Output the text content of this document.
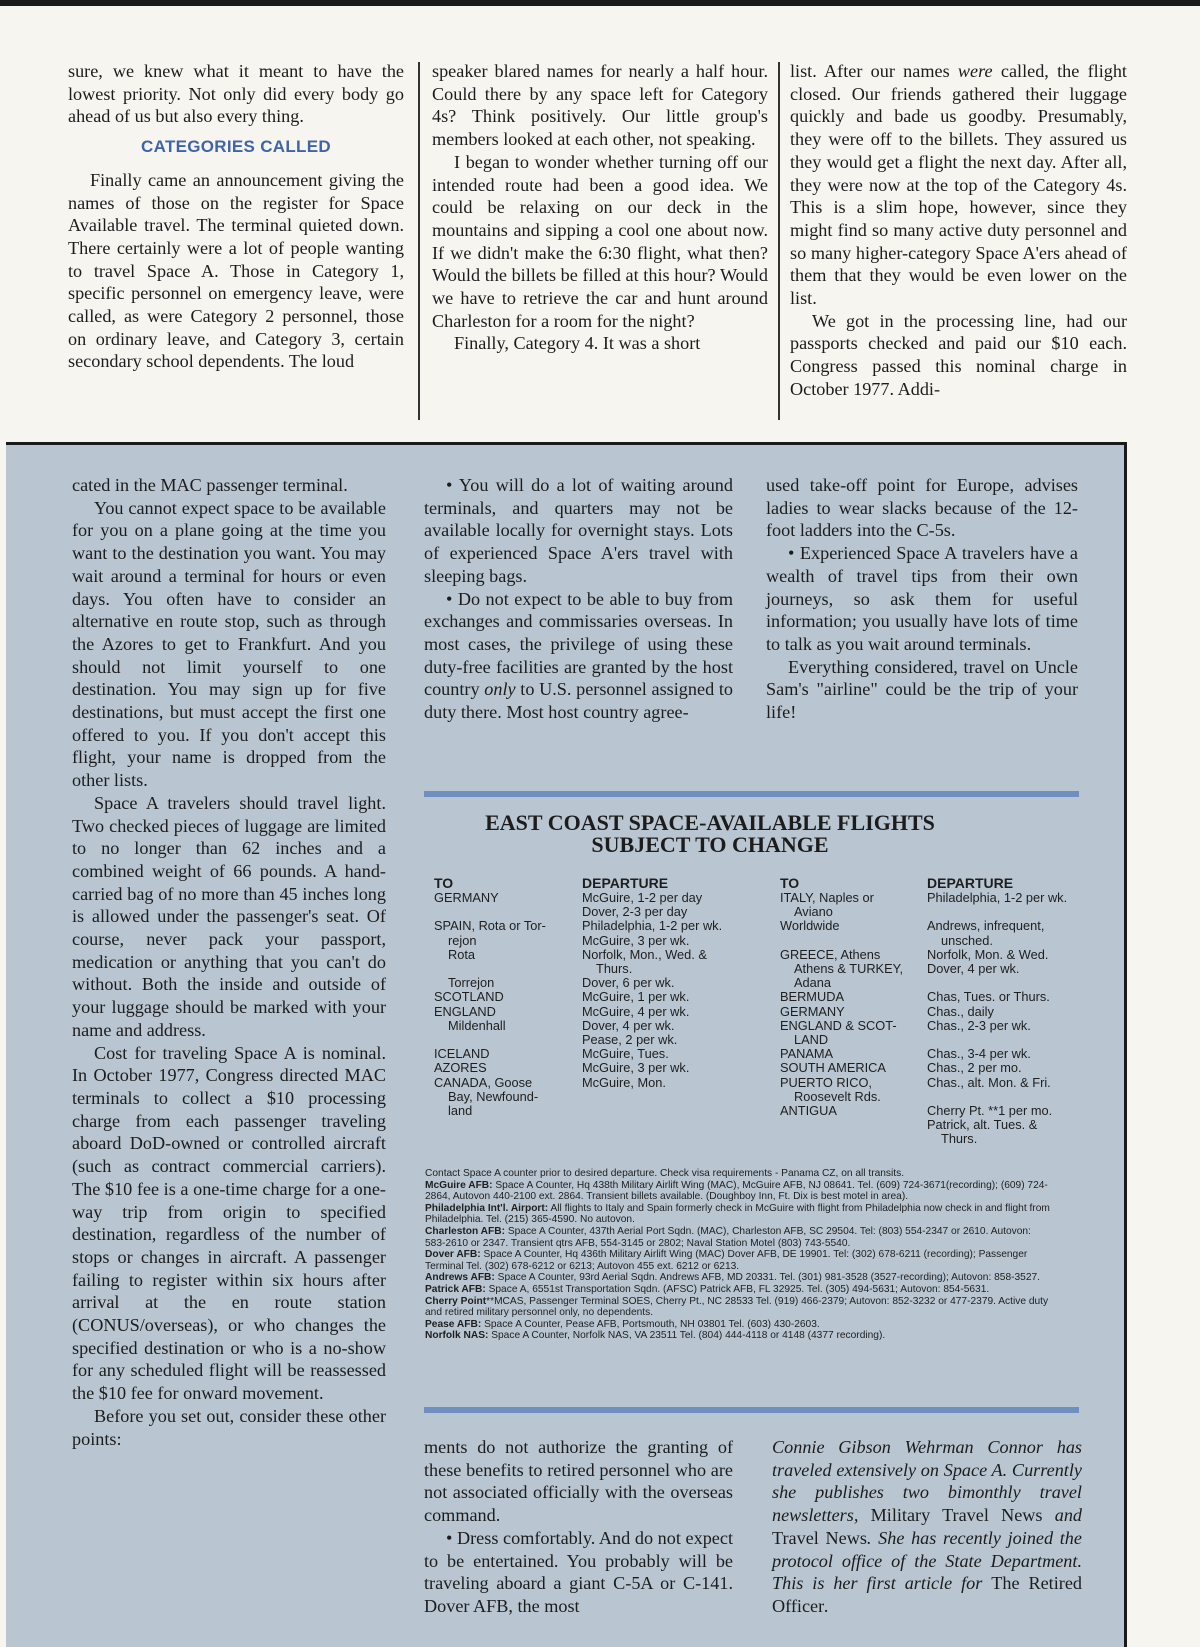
sure, we knew what it meant to have the lowest priority. Not only did every body go ahead of us but also every thing.

CATEGORIES CALLED

Finally came an announcement giving the names of those on the register for Space Available travel. The terminal quieted down. There certainly were a lot of people wanting to travel Space A. Those in Category 1, specific personnel on emergency leave, were called, as were Category 2 personnel, those on ordinary leave, and Category 3, certain secondary school dependents. The loud

speaker blared names for nearly a half hour. Could there by any space left for Category 4s? Think positively. Our little group's members looked at each other, not speaking.

I began to wonder whether turning off our intended route had been a good idea. We could be relaxing on our deck in the mountains and sipping a cool one about now. If we didn't make the 6:30 flight, what then? Would the billets be filled at this hour? Would we have to retrieve the car and hunt around Charleston for a room for the night?

Finally, Category 4. It was a short

list. After our names were called, the flight closed. Our friends gathered their luggage quickly and bade us goodby. Presumably, they were off to the billets. They assured us they would get a flight the next day. After all, they were now at the top of the Category 4s. This is a slim hope, however, since they might find so many active duty personnel and so many higher-category Space A'ers ahead of them that they would be even lower on the list.

We got in the processing line, had our passports checked and paid our $10 each. Congress passed this nominal charge in October 1977. Addi-

cated in the MAC passenger terminal.

You cannot expect space to be available for you on a plane going at the time you want to the destination you want. You may wait around a terminal for hours or even days. You often have to consider an alternative en route stop, such as through the Azores to get to Frankfurt. And you should not limit yourself to one destination. You may sign up for five destinations, but must accept the first one offered to you. If you don't accept this flight, your name is dropped from the other lists.

Space A travelers should travel light. Two checked pieces of luggage are limited to no longer than 62 inches and a combined weight of 66 pounds. A hand-carried bag of no more than 45 inches long is allowed under the passenger's seat. Of course, never pack your passport, medication or anything that you can't do without. Both the inside and outside of your luggage should be marked with your name and address.

Cost for traveling Space A is nominal. In October 1977, Congress directed MAC terminals to collect a $10 processing charge from each passenger traveling aboard DoD-owned or controlled aircraft (such as contract commercial carriers). The $10 fee is a one-time charge for a one-way trip from origin to specified destination, regardless of the number of stops or changes in aircraft. A passenger failing to register within six hours after arrival at the en route station (CONUS/overseas), or who changes the specified destination or who is a no-show for any scheduled flight will be reassessed the $10 fee for onward movement.

Before you set out, consider these other points:

• You will do a lot of waiting around terminals, and quarters may not be available locally for overnight stays. Lots of experienced Space A'ers travel with sleeping bags.

• Do not expect to be able to buy from exchanges and commissaries overseas. In most cases, the privilege of using these duty-free facilities are granted by the host country only to U.S. personnel assigned to duty there. Most host country agree-

used take-off point for Europe, advises ladies to wear slacks because of the 12-foot ladders into the C-5s.

• Experienced Space A travelers have a wealth of travel tips from their own journeys, so ask them for useful information; you usually have lots of time to talk as you wait around terminals.

Everything considered, travel on Uncle Sam's "airline" could be the trip of your life!

EAST COAST SPACE-AVAILABLE FLIGHTS
SUBJECT TO CHANGE
TO
GERMANY

SPAIN, Rota or Tor-
rejon
Rota

Torrejon
SCOTLAND
ENGLAND
Mildenhall

ICELAND
AZORES
CANADA, Goose
Bay, Newfound-
land
DEPARTURE
McGuire, 1-2 per day
Dover, 2-3 per day
Philadelphia, 1-2 per wk.
McGuire, 3 per wk.
Norfolk, Mon., Wed. &
Thurs.
Dover, 6 per wk.
McGuire, 1 per wk.
McGuire, 4 per wk.
Dover, 4 per wk.
Pease, 2 per wk.
McGuire, Tues.
McGuire, 3 per wk.
McGuire, Mon.

TO
ITALY, Naples or
Aviano
Worldwide

GREECE, Athens
Athens & TURKEY,
Adana
BERMUDA
GERMANY
ENGLAND & SCOT-
LAND
PANAMA
SOUTH AMERICA
PUERTO RICO,
Roosevelt Rds.
ANTIGUA
DEPARTURE
Philadelphia, 1-2 per wk.

Andrews, infrequent,
unsched.
Norfolk, Mon. & Wed.
Dover, 4 per wk.

Chas, Tues. or Thurs.
Chas., daily
Chas., 2-3 per wk.

Chas., 3-4 per wk.
Chas., 2 per mo.
Chas., alt. Mon. & Fri.

Cherry Pt. **1 per mo.
Patrick, alt. Tues. &
Thurs.
Contact Space A counter prior to desired departure. Check visa requirements - Panama CZ, on all transits.
McGuire AFB: Space A Counter, Hq 438th Military Airlift Wing (MAC), McGuire AFB, NJ 08641. Tel. (609) 724-3671(recording); (609) 724-2864, Autovon 440-2100 ext. 2864. Transient billets available. (Doughboy Inn, Ft. Dix is best motel in area).
Philadelphia Int'l. Airport: All flights to Italy and Spain formerly check in McGuire with flight from Philadelphia now check in and flight from Philadelphia. Tel. (215) 365-4590. No autovon.
Charleston AFB: Space A Counter, 437th Aerial Port Sqdn. (MAC), Charleston AFB, SC 29504. Tel: (803) 554-2347 or 2610. Autovon: 583-2610 or 2347. Transient qtrs AFB, 554-3145 or 2802; Naval Station Motel (803) 743-5540.
Dover AFB: Space A Counter, Hq 436th Military Airlift Wing (MAC) Dover AFB, DE 19901. Tel: (302) 678-6211 (recording); Passenger Terminal Tel. (302) 678-6212 or 6213; Autovon 455 ext. 6212 or 6213.
Andrews AFB: Space A Counter, 93rd Aerial Sqdn. Andrews AFB, MD 20331. Tel. (301) 981-3528 (3527-recording); Autovon: 858-3527.
Patrick AFB: Space A, 6551st Transportation Sqdn. (AFSC) Patrick AFB, FL 32925. Tel. (305) 494-5631; Autovon: 854-5631.
Cherry Point**MCAS, Passenger Terminal SOES, Cherry Pt., NC 28533 Tel. (919) 466-2379; Autovon: 852-3232 or 477-2379. Active duty and retired military personnel only, no dependents.
Pease AFB: Space A Counter, Pease AFB, Portsmouth, NH 03801 Tel. (603) 430-2603.
Norfolk NAS: Space A Counter, Norfolk NAS, VA 23511 Tel. (804) 444-4118 or 4148 (4377 recording).

ments do not authorize the granting of these benefits to retired personnel who are not associated officially with the overseas command.

• Dress comfortably. And do not expect to be entertained. You probably will be traveling aboard a giant C-5A or C-141. Dover AFB, the most

Connie Gibson Wehrman Connor has traveled extensively on Space A. Currently she publishes two bimonthly travel newsletters, Military Travel News and Travel News. She has recently joined the protocol office of the State Department. This is her first article for The Retired Officer.
